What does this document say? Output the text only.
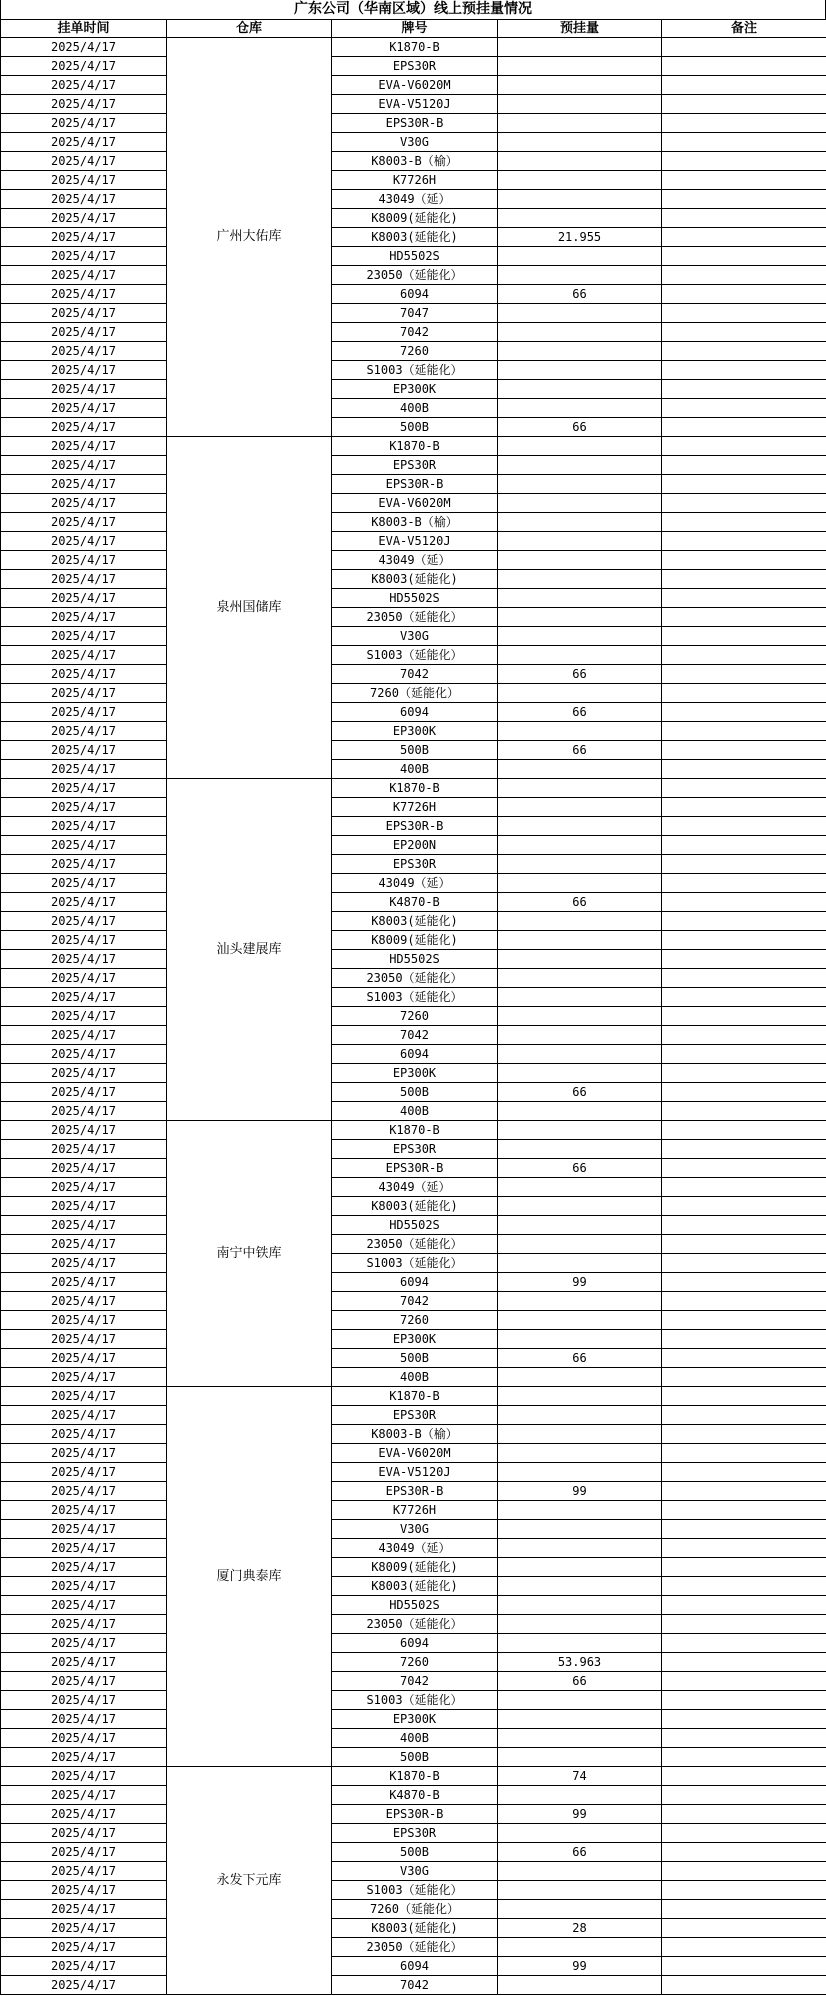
广东公司（华南区域）线上预挂量情况
挂单时间	仓库	牌号	预挂量	备注
2025/4/17	广州大佑库	K1870-B		
2025/4/17		EPS30R		
2025/4/17		EVA-V6020M		
2025/4/17		EVA-V5120J		
2025/4/17		EPS30R-B		
2025/4/17		V30G		
2025/4/17		K8003-B（榆）		
2025/4/17		K7726H		
2025/4/17		43049（延）		
2025/4/17		K8009(延能化)		
2025/4/17		K8003(延能化)	21.955	
2025/4/17		HD5502S		
2025/4/17		23050（延能化）		
2025/4/17		6094	66	
2025/4/17		7047		
2025/4/17		7042		
2025/4/17		7260		
2025/4/17		S1003（延能化）		
2025/4/17		EP300K		
2025/4/17		400B		
2025/4/17		500B	66	
2025/4/17	泉州国储库	K1870-B		
2025/4/17		EPS30R		
2025/4/17		EPS30R-B		
2025/4/17		EVA-V6020M		
2025/4/17		K8003-B（榆）		
2025/4/17		EVA-V5120J		
2025/4/17		43049（延）		
2025/4/17		K8003(延能化)		
2025/4/17		HD5502S		
2025/4/17		23050（延能化）		
2025/4/17		V30G		
2025/4/17		S1003（延能化）		
2025/4/17		7042	66	
2025/4/17		7260（延能化）		
2025/4/17		6094	66	
2025/4/17		EP300K		
2025/4/17		500B	66	
2025/4/17		400B		
2025/4/17	汕头建展库	K1870-B		
2025/4/17		K7726H		
2025/4/17		EPS30R-B		
2025/4/17		EP200N		
2025/4/17		EPS30R		
2025/4/17		43049（延）		
2025/4/17		K4870-B	66	
2025/4/17		K8003(延能化)		
2025/4/17		K8009(延能化)		
2025/4/17		HD5502S		
2025/4/17		23050（延能化）		
2025/4/17		S1003（延能化）		
2025/4/17		7260		
2025/4/17		7042		
2025/4/17		6094		
2025/4/17		EP300K		
2025/4/17		500B	66	
2025/4/17		400B		
2025/4/17	南宁中铁库	K1870-B		
2025/4/17		EPS30R		
2025/4/17		EPS30R-B	66	
2025/4/17		43049（延）		
2025/4/17		K8003(延能化)		
2025/4/17		HD5502S		
2025/4/17		23050（延能化）		
2025/4/17		S1003（延能化）		
2025/4/17		6094	99	
2025/4/17		7042		
2025/4/17		7260		
2025/4/17		EP300K		
2025/4/17		500B	66	
2025/4/17		400B		
2025/4/17	厦门典泰库	K1870-B		
2025/4/17		EPS30R		
2025/4/17		K8003-B（榆）		
2025/4/17		EVA-V6020M		
2025/4/17		EVA-V5120J		
2025/4/17		EPS30R-B	99	
2025/4/17		K7726H		
2025/4/17		V30G		
2025/4/17		43049（延）		
2025/4/17		K8009(延能化)		
2025/4/17		K8003(延能化)		
2025/4/17		HD5502S		
2025/4/17		23050（延能化）		
2025/4/17		6094		
2025/4/17		7260	53.963	
2025/4/17		7042	66	
2025/4/17		S1003（延能化）		
2025/4/17		EP300K		
2025/4/17		400B		
2025/4/17		500B		
2025/4/17	永发下元库	K1870-B	74	
2025/4/17		K4870-B		
2025/4/17		EPS30R-B	99	
2025/4/17		EPS30R		
2025/4/17		500B	66	
2025/4/17		V30G		
2025/4/17		S1003（延能化）		
2025/4/17		7260（延能化）		
2025/4/17		K8003(延能化)	28	
2025/4/17		23050（延能化）		
2025/4/17		6094	99	
2025/4/17		7042		
